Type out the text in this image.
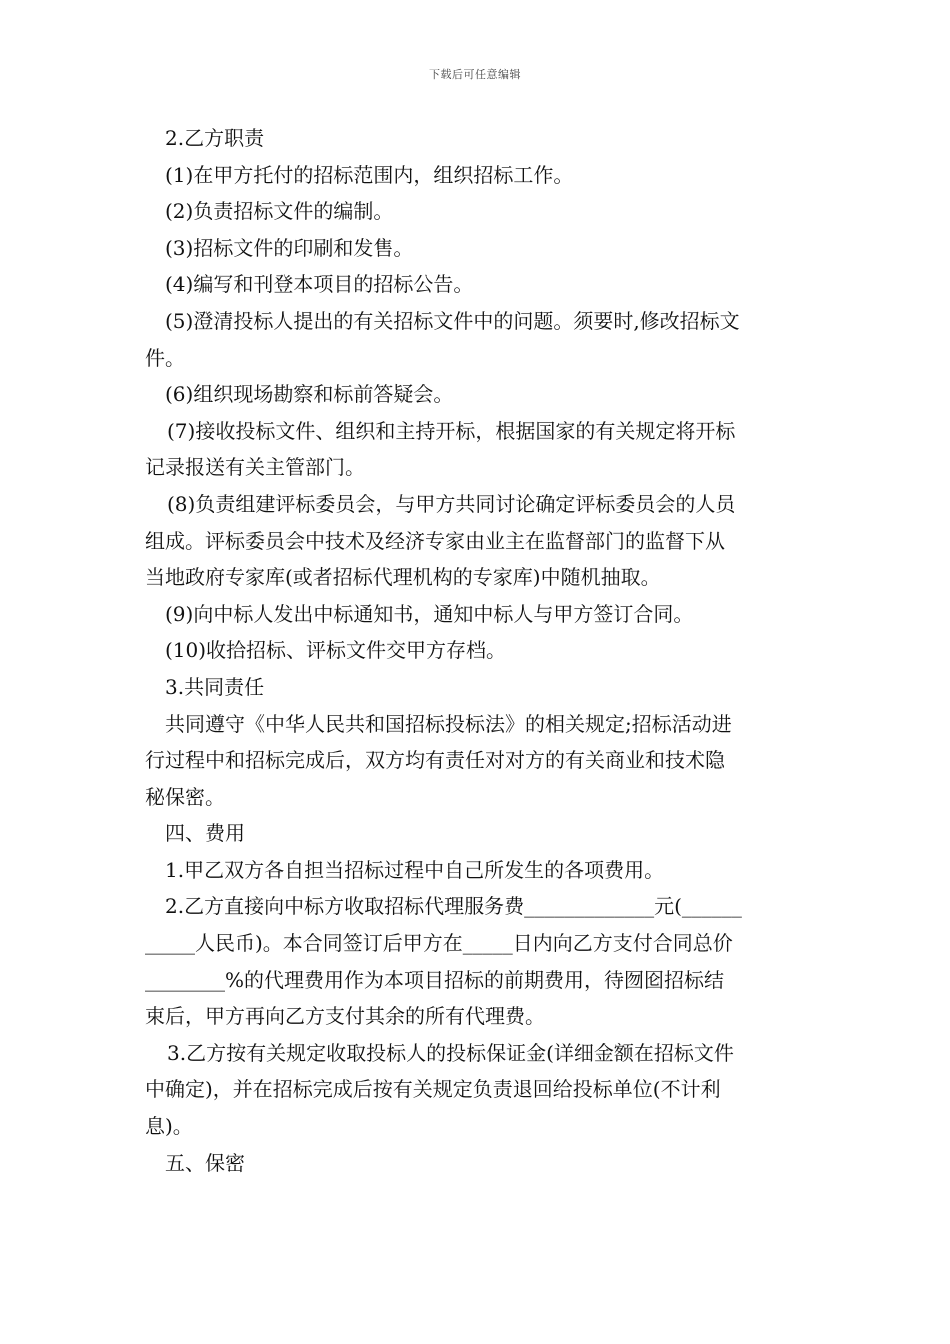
下载后可任意编辑
2.乙方职责
(1)在甲方托付的招标范围内，组织招标工作。
(2)负责招标文件的编制。
(3)招标文件的印刷和发售。
(4)编写和刊登本项目的招标公告。
(5)澄清投标人提出的有关招标文件中的问题。须要时,修改招标文
件。
(6)组织现场勘察和标前答疑会。
(7)接收投标文件、组织和主持开标，根据国家的有关规定将开标
记录报送有关主管部门。
(8)负责组建评标委员会，与甲方共同讨论确定评标委员会的人员
组成。评标委员会中技术及经济专家由业主在监督部门的监督下从
当地政府专家库(或者招标代理机构的专家库)中随机抽取。
(9)向中标人发出中标通知书，通知中标人与甲方签订合同。
(10)收拾招标、评标文件交甲方存档。
3.共同责任
共同遵守《中华人民共和国招标投标法》的相关规定;招标活动进
行过程中和招标完成后，双方均有责任对对方的有关商业和技术隐
秘保密。
四、费用
1.甲乙双方各自担当招标过程中自己所发生的各项费用。
2.乙方直接向中标方收取招标代理服务费_____________元(______
_____人民币)。本合同签订后甲方在_____日内向乙方支付合同总价
________%的代理费用作为本项目招标的前期费用，待囫囵招标结
束后，甲方再向乙方支付其余的所有代理费。
3.乙方按有关规定收取投标人的投标保证金(详细金额在招标文件
中确定)，并在招标完成后按有关规定负责退回给投标单位(不计利
息)。
五、保密
